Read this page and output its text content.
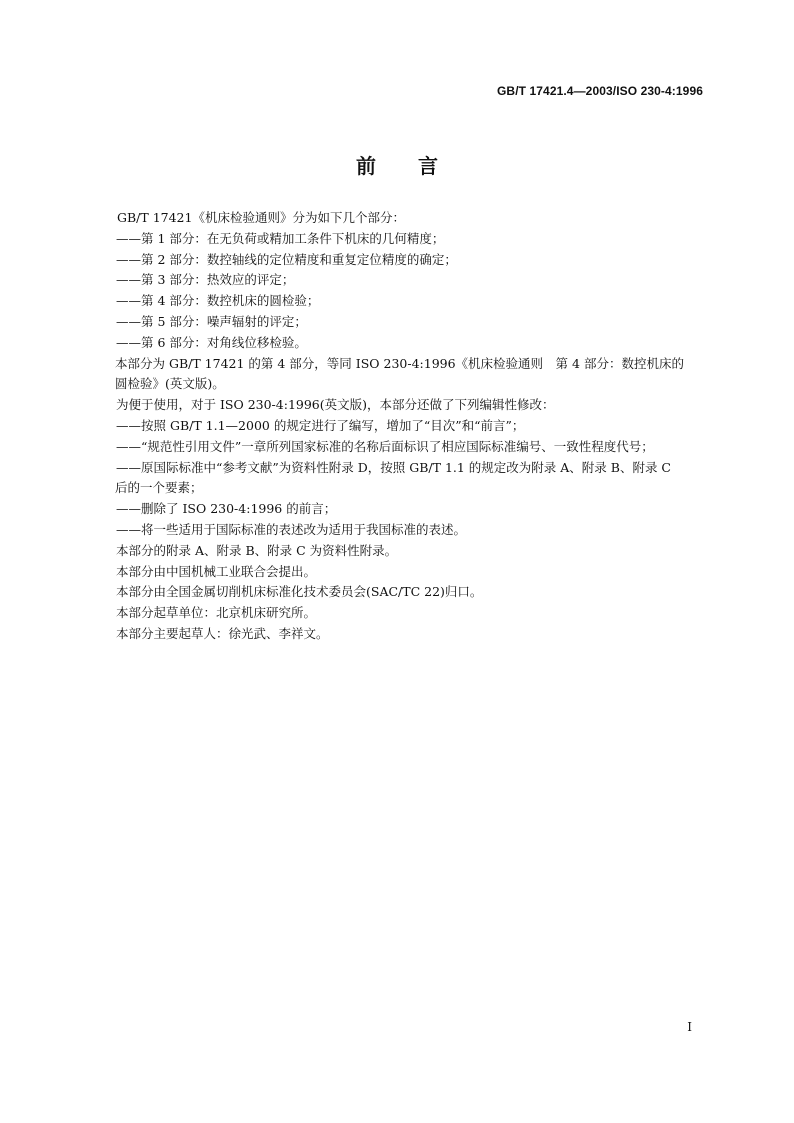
GB/T 17421.4—2003/ISO 230-4:1996
前 言

GB/T 17421《机床检验通则》分为如下几个部分：

——第 1 部分：在无负荷或精加工条件下机床的几何精度；

——第 2 部分：数控轴线的定位精度和重复定位精度的确定；

——第 3 部分：热效应的评定；

——第 4 部分：数控机床的圆检验；

——第 5 部分：噪声辐射的评定；

——第 6 部分：对角线位移检验。

本部分为 GB/T 17421 的第 4 部分，等同 ISO 230-4:1996《机床检验通则　第 4 部分：数控机床的

圆检验》(英文版)。

为便于使用，对于 ISO 230-4:1996(英文版)，本部分还做了下列编辑性修改：

——按照 GB/T 1.1—2000 的规定进行了编写，增加了“目次”和“前言”；

——“规范性引用文件”一章所列国家标准的名称后面标识了相应国际标准编号、一致性程度代号；

——原国际标准中“参考文献”为资料性附录 D，按照 GB/T 1.1 的规定改为附录 A、附录 B、附录 C

后的一个要素；

——删除了 ISO 230-4:1996 的前言；

——将一些适用于国际标准的表述改为适用于我国标准的表述。

本部分的附录 A、附录 B、附录 C 为资料性附录。

本部分由中国机械工业联合会提出。

本部分由全国金属切削机床标准化技术委员会(SAC/TC 22)归口。

本部分起草单位：北京机床研究所。

本部分主要起草人：徐光武、李祥文。

I
